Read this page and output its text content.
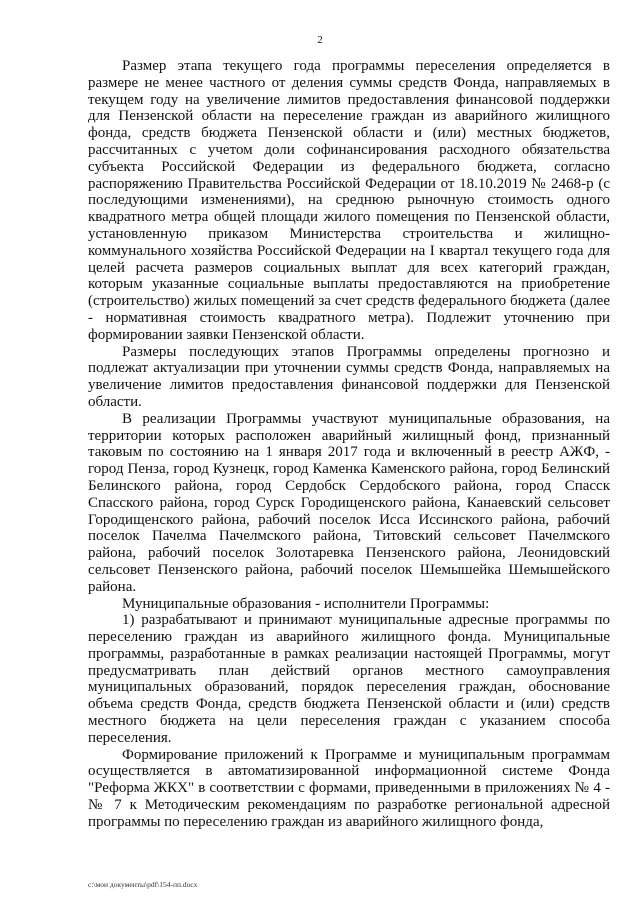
2

Размер этапа текущего года программы переселения определяется в размере не менее частного от деления суммы средств Фонда, направляемых в текущем году на увеличение лимитов предоставления финансовой поддержки для Пензенской области на переселение граждан из аварийного жилищного фонда, средств бюджета Пензенской области и (или) местных бюджетов, рассчитанных с учетом доли софинансирования расходного обязательства субъекта Российской Федерации из федерального бюджета, согласно распоряжению Правительства Российской Федерации от 18.10.2019 № 2468-р (с последующими изменениями), на среднюю рыночную стоимость одного квадратного метра общей площади жилого помещения по Пензенской области, установленную приказом Министерства строительства и жилищно-коммунального хозяйства Российской Федерации на I квартал текущего года для целей расчета размеров социальных выплат для всех категорий граждан, которым указанные социальные выплаты предоставляются на приобретение (строительство) жилых помещений за счет средств федерального бюджета (далее - нормативная стоимость квадратного метра). Подлежит уточнению при формировании заявки Пензенской области.

Размеры последующих этапов Программы определены прогнозно и подлежат актуализации при уточнении суммы средств Фонда, направляемых на увеличение лимитов предоставления финансовой поддержки для Пензенской области.

В реализации Программы участвуют муниципальные образования, на территории которых расположен аварийный жилищный фонд, признанный таковым по состоянию на 1 января 2017 года и включенный в реестр АЖФ, - город Пенза, город Кузнецк, город Каменка Каменского района, город Белинский Белинского района, город Сердобск Сердобского района, город Спасск Спасского района, город Сурск Городищенского района, Канаевский сельсовет Городищенского района, рабочий поселок Исса Иссинского района, рабочий поселок Пачелма Пачелмского района, Титовский сельсовет Пачелмского района, рабочий поселок Золотаревка Пензенского района, Леонидовский сельсовет Пензенского района, рабочий поселок Шемышейка Шемышейского района.

Муниципальные образования - исполнители Программы:

1) разрабатывают и принимают муниципальные адресные программы по переселению граждан из аварийного жилищного фонда. Муниципальные программы, разработанные в рамках реализации настоящей Программы, могут предусматривать план действий органов местного самоуправления муниципальных образований, порядок переселения граждан, обоснование объема средств Фонда, средств бюджета Пензенской области и (или) средств местного бюджета на цели переселения граждан с указанием способа переселения.

Формирование приложений к Программе и муниципальным программам осуществляется в автоматизированной информационной системе Фонда "Реформа ЖКХ" в соответствии с формами, приведенными в приложениях № 4 - № 7 к Методическим рекомендациям по разработке региональной адресной программы по переселению граждан из аварийного жилищного фонда,

c:\мои документы\pdf\154-пп.docx
